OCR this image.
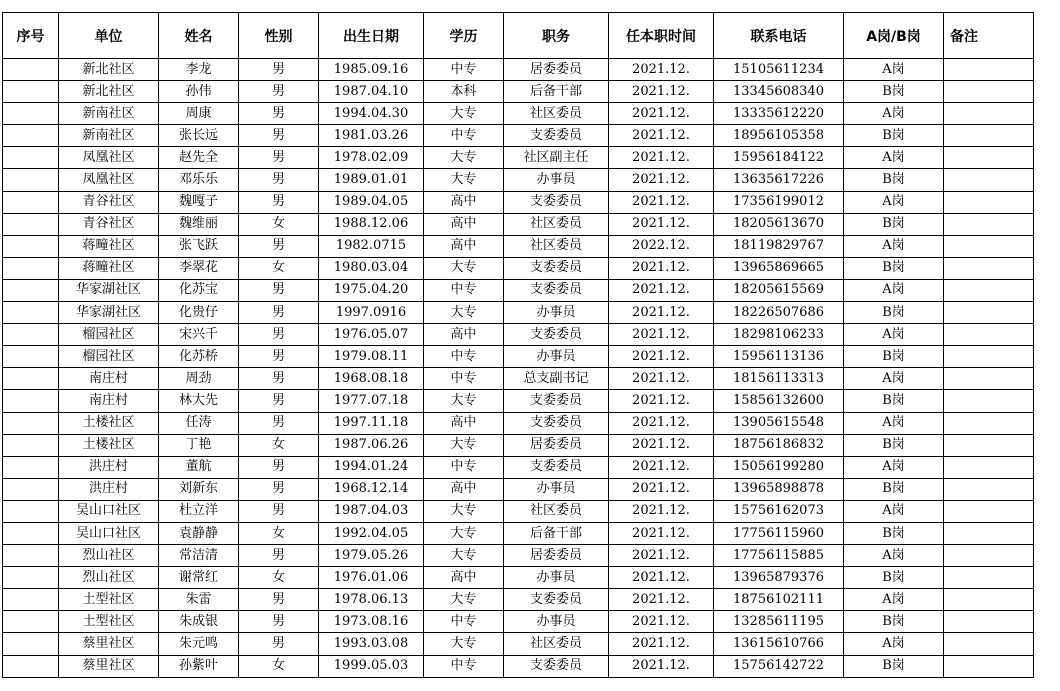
序号	单位	姓名	性别	出生日期	学历	职务	任本职时间	联系电话	A岗/B岗	备注
	新北社区	李龙	男	1985.09.16	中专	居委委员	2021.12.	15105611234	A岗	
	新北社区	孙伟	男	1987.04.10	本科	后备干部	2021.12.	13345608340	B岗	
	新南社区	周康	男	1994.04.30	大专	社区委员	2021.12.	13335612220	A岗	
	新南社区	张长远	男	1981.03.26	中专	支委委员	2021.12.	18956105358	B岗	
	凤凰社区	赵先全	男	1978.02.09	大专	社区副主任	2021.12.	15956184122	A岗	
	凤凰社区	邓乐乐	男	1989.01.01	大专	办事员	2021.12.	13635617226	B岗	
	青谷社区	魏嘎子	男	1989.04.05	高中	支委委员	2021.12.	17356199012	A岗	
	青谷社区	魏维丽	女	1988.12.06	高中	社区委员	2021.12.	18205613670	B岗	
	蒋疃社区	张飞跃	男	1982.0715	高中	社区委员	2022.12.	18119829767	A岗	
	蒋疃社区	李翠花	女	1980.03.04	大专	支委委员	2021.12.	13965869665	B岗	
	华家湖社区	化苏宝	男	1975.04.20	中专	支委委员	2021.12.	18205615569	A岗	
	华家湖社区	化贵仔	男	1997.0916	大专	办事员	2021.12.	18226507686	B岗	
	榴园社区	宋兴千	男	1976.05.07	高中	支委委员	2021.12.	18298106233	A岗	
	榴园社区	化苏桥	男	1979.08.11	中专	办事员	2021.12.	15956113136	B岗	
	南庄村	周劲	男	1968.08.18	中专	总支副书记	2021.12.	18156113313	A岗	
	南庄村	林大先	男	1977.07.18	大专	支委委员	2021.12.	15856132600	B岗	
	土楼社区	任涛	男	1997.11.18	高中	支委委员	2021.12.	13905615548	A岗	
	土楼社区	丁艳	女	1987.06.26	大专	居委委员	2021.12.	18756186832	B岗	
	洪庄村	董航	男	1994.01.24	中专	支委委员	2021.12.	15056199280	A岗	
	洪庄村	刘新东	男	1968.12.14	高中	办事员	2021.12.	13965898878	B岗	
	吴山口社区	杜立洋	男	1987.04.03	大专	社区委员	2021.12.	15756162073	A岗	
	吴山口社区	袁静静	女	1992.04.05	大专	后备干部	2021.12.	17756115960	B岗	
	烈山社区	常洁清	男	1979.05.26	大专	居委委员	2021.12.	17756115885	A岗	
	烈山社区	谢常红	女	1976.01.06	高中	办事员	2021.12.	13965879376	B岗	
	土型社区	朱雷	男	1978.06.13	大专	支委委员	2021.12.	18756102111	A岗	
	土型社区	朱成银	男	1973.08.16	中专	办事员	2021.12.	13285611195	B岗	
	蔡里社区	朱元鸣	男	1993.03.08	大专	社区委员	2021.12.	13615610766	A岗	
	蔡里社区	孙紫叶	女	1999.05.03	中专	支委委员	2021.12.	15756142722	B岗	
